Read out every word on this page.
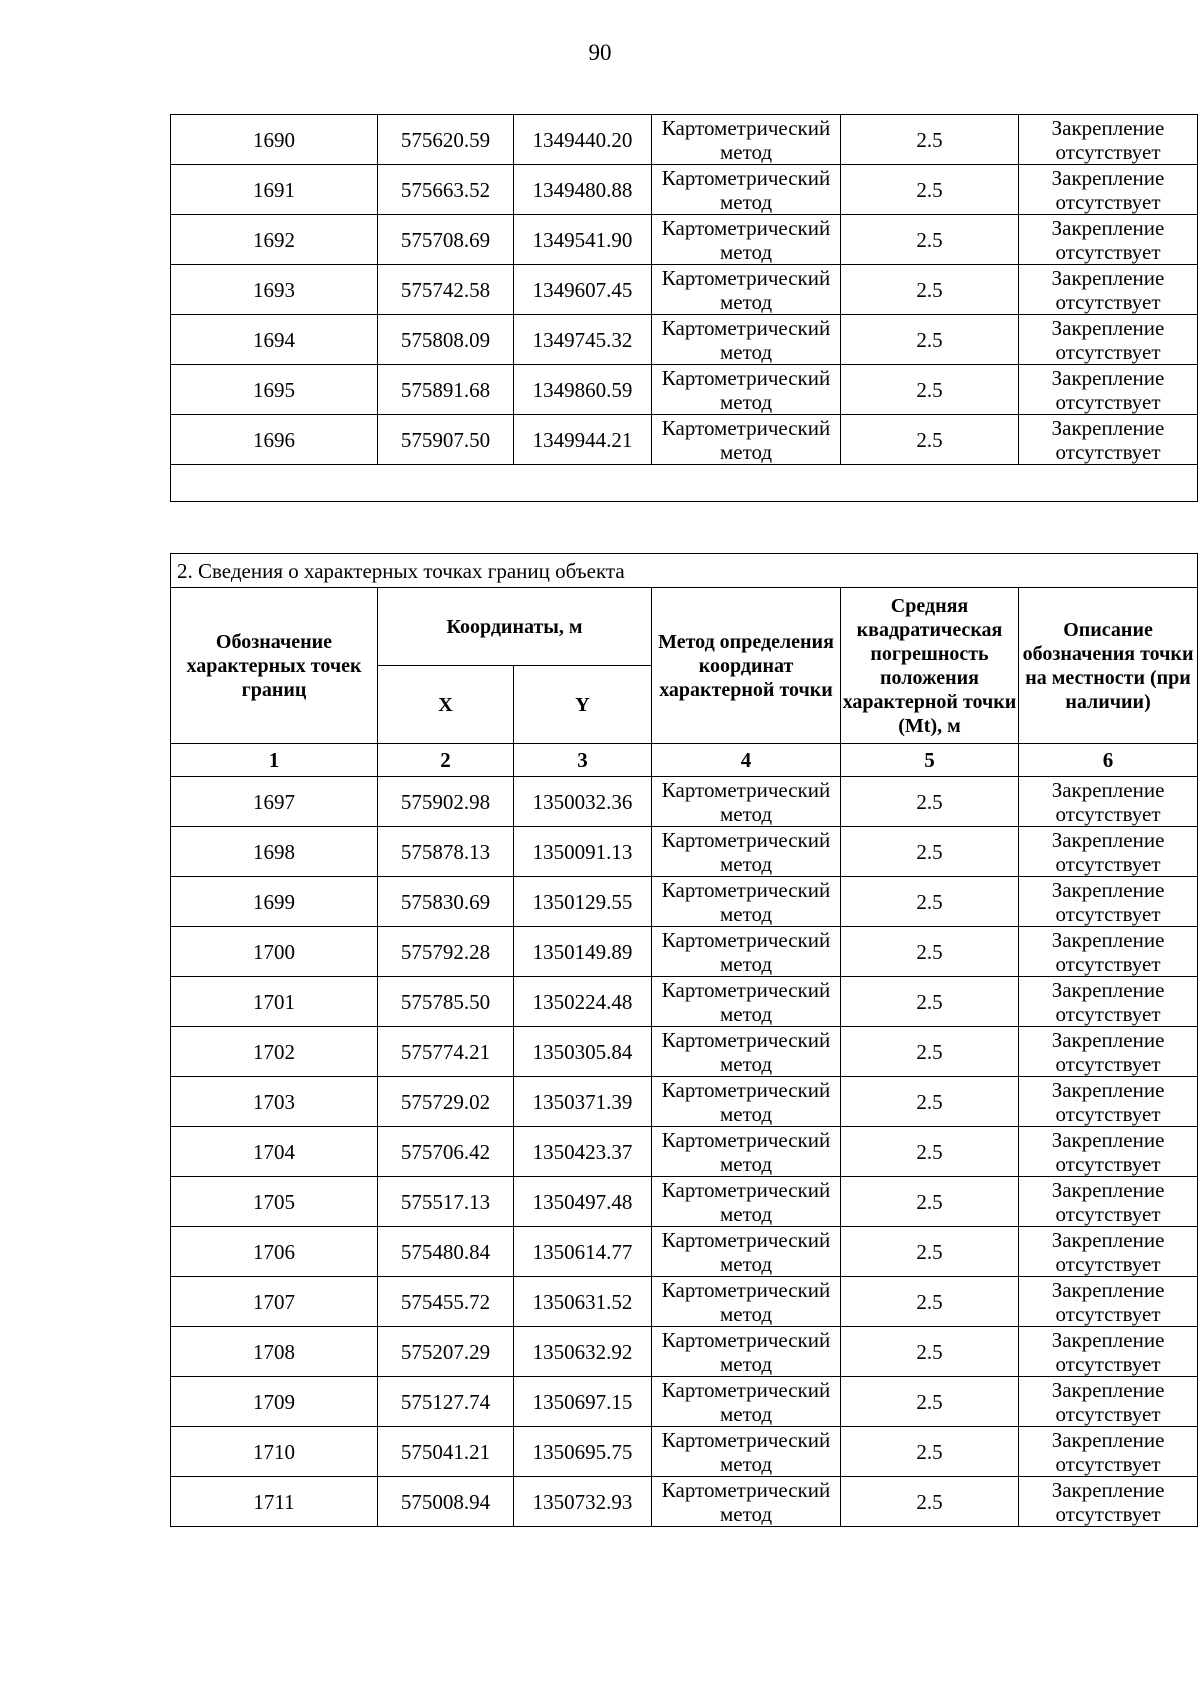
90
1690	575620.59	1349440.20	Картометрический метод	2.5	Закрепление отсутствует
1691	575663.52	1349480.88	Картометрический метод	2.5	Закрепление отсутствует
1692	575708.69	1349541.90	Картометрический метод	2.5	Закрепление отсутствует
1693	575742.58	1349607.45	Картометрический метод	2.5	Закрепление отсутствует
1694	575808.09	1349745.32	Картометрический метод	2.5	Закрепление отсутствует
1695	575891.68	1349860.59	Картометрический метод	2.5	Закрепление отсутствует
1696	575907.50	1349944.21	Картометрический метод	2.5	Закрепление отсутствует

2. Сведения о характерных точках границ объекта					
Обозначение характерных точек границ	Координаты, м		Метод определения координат характерной точки	Средняя квадратическая погрешность положения характерной точки (Mt), м	Описание обозначения точки на местности (при наличии)
	X	Y			
1	2	3	4	5	6
1697	575902.98	1350032.36	Картометрический метод	2.5	Закрепление отсутствует
1698	575878.13	1350091.13	Картометрический метод	2.5	Закрепление отсутствует
1699	575830.69	1350129.55	Картометрический метод	2.5	Закрепление отсутствует
1700	575792.28	1350149.89	Картометрический метод	2.5	Закрепление отсутствует
1701	575785.50	1350224.48	Картометрический метод	2.5	Закрепление отсутствует
1702	575774.21	1350305.84	Картометрический метод	2.5	Закрепление отсутствует
1703	575729.02	1350371.39	Картометрический метод	2.5	Закрепление отсутствует
1704	575706.42	1350423.37	Картометрический метод	2.5	Закрепление отсутствует
1705	575517.13	1350497.48	Картометрический метод	2.5	Закрепление отсутствует
1706	575480.84	1350614.77	Картометрический метод	2.5	Закрепление отсутствует
1707	575455.72	1350631.52	Картометрический метод	2.5	Закрепление отсутствует
1708	575207.29	1350632.92	Картометрический метод	2.5	Закрепление отсутствует
1709	575127.74	1350697.15	Картометрический метод	2.5	Закрепление отсутствует
1710	575041.21	1350695.75	Картометрический метод	2.5	Закрепление отсутствует
1711	575008.94	1350732.93	Картометрический метод	2.5	Закрепление отсутствует
